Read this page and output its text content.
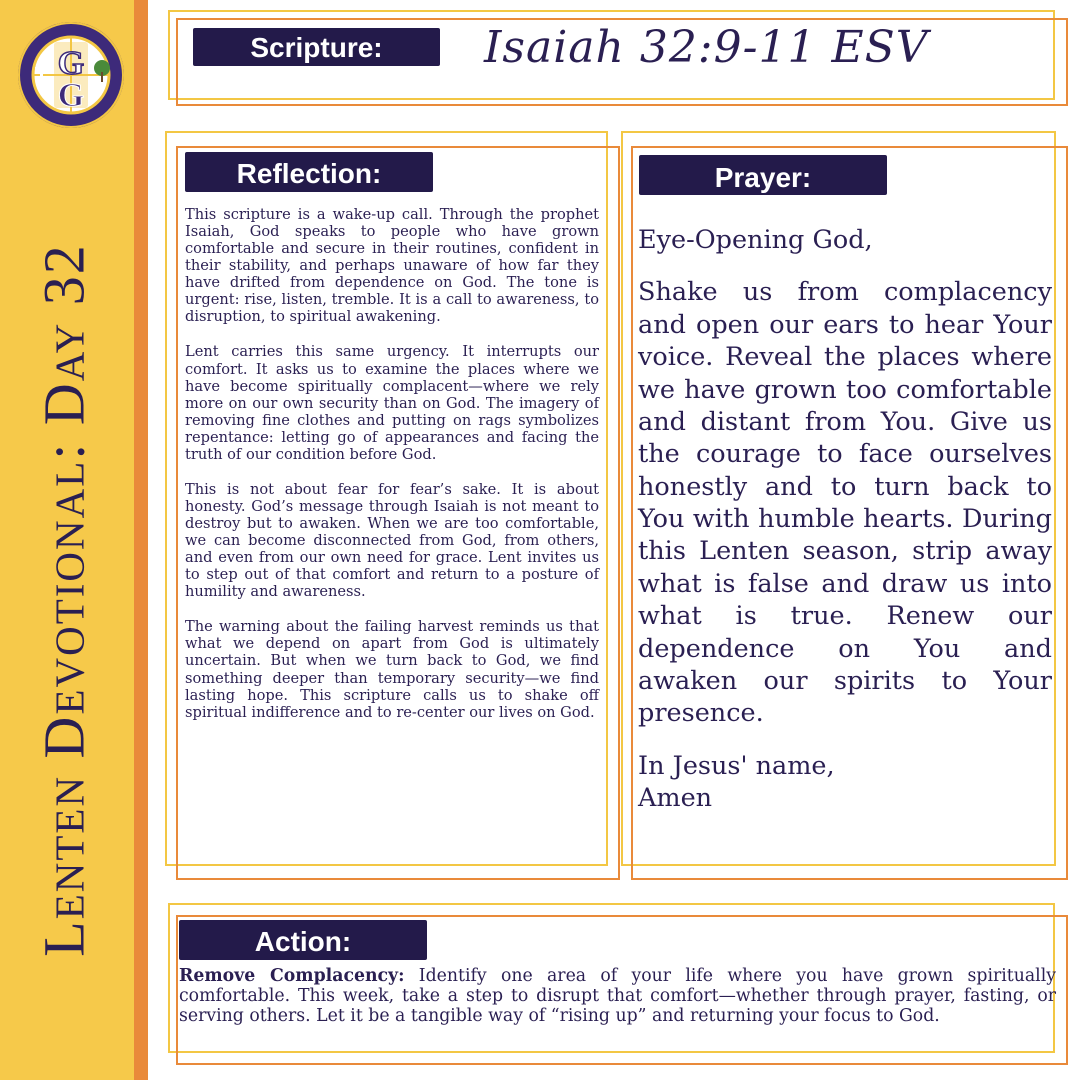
G
G
Lenten Devotional: Day 32
Scripture:	Isaiah 32:9-11 ESV
Reflection:

This scripture is a wake-up call. Through the prophet Isaiah, God speaks to people who have grown comfortable and secure in their routines, confident in their stability, and perhaps unaware of how far they have drifted from dependence on God. The tone is urgent: rise, listen, tremble. It is a call to awareness, to disruption, to spiritual awakening.

Lent carries this same urgency. It interrupts our comfort. It asks us to examine the places where we have become spiritually complacent—where we rely more on our own security than on God. The imagery of removing fine clothes and putting on rags symbolizes repentance: letting go of appearances and facing the truth of our condition before God.

This is not about fear for fear’s sake. It is about honesty. God’s message through Isaiah is not meant to destroy but to awaken. When we are too comfortable, we can become disconnected from God, from others, and even from our own need for grace. Lent invites us to step out of that comfort and return to a posture of humility and awareness.

The warning about the failing harvest reminds us that what we depend on apart from God is ultimately uncertain. But when we turn back to God, we find something deeper than temporary security—we find lasting hope. This scripture calls us to shake off spiritual indifference and to re-center our lives on God.

Prayer:

Eye-Opening God,

Shake us from complacency and open our ears to hear Your voice. Reveal the places where we have grown too comfortable and distant from You. Give us the courage to face ourselves honestly and to turn back to You with humble hearts. During this Lenten season, strip away what is false and draw us into what is true. Renew our dependence on You and awaken our spirits to Your presence.

In Jesus' name,

Amen

Action:
Remove Complacency: Identify one area of your life where you have grown spiritually comfortable. This week, take a step to disrupt that comfort—whether through prayer, fasting, or serving others. Let it be a tangible way of “rising up” and returning your focus to God.
